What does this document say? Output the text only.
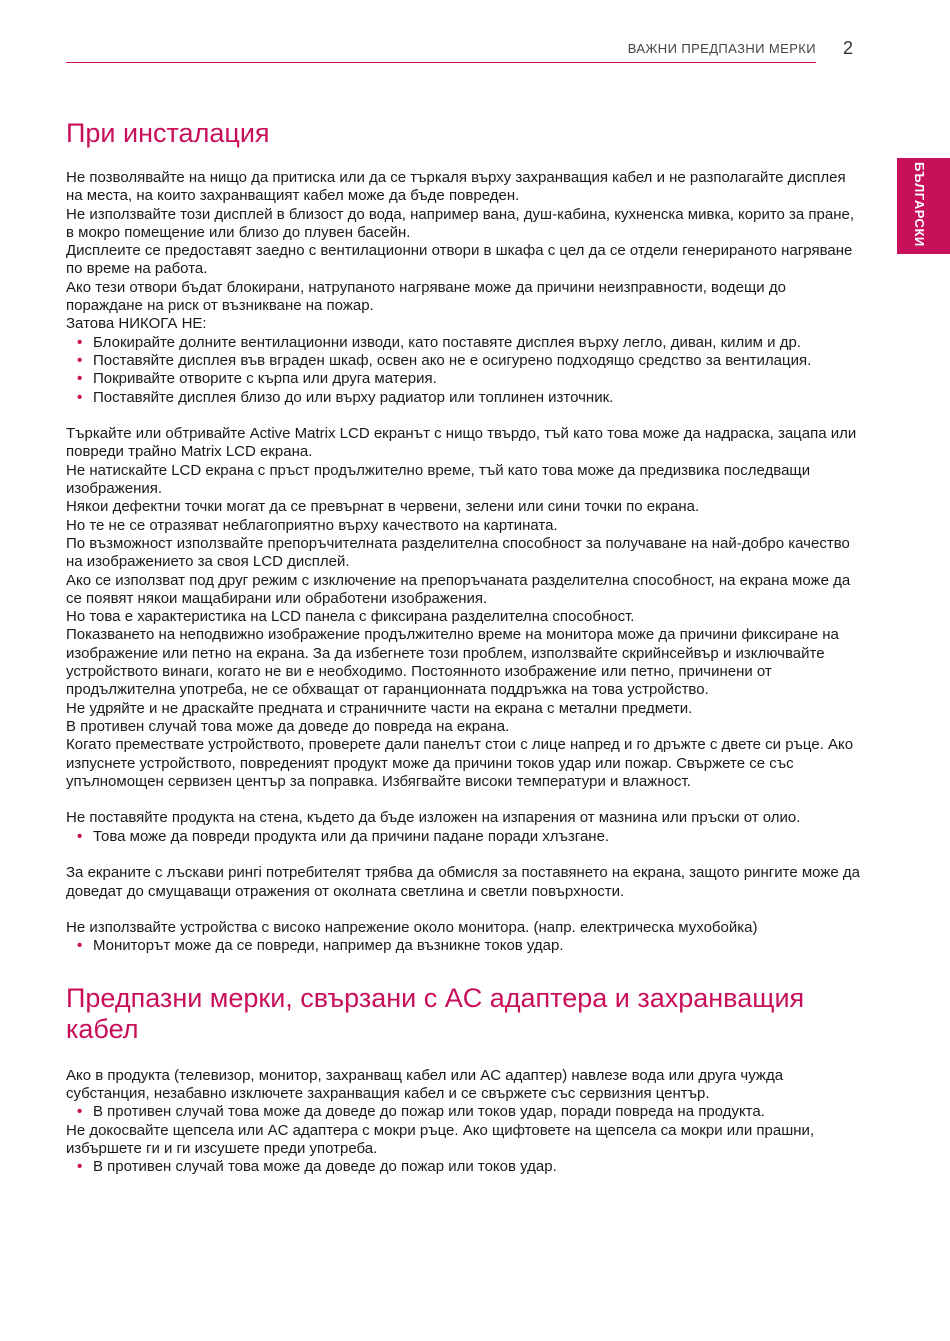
ВАЖНИ ПРЕДПАЗНИ МЕРКИ 2
БЪЛГАРСКИ
При инсталация

Не позволявайте на нищо да притиска или да се търкаля върху захранващия кабел и не разполагайте дисплея на места, на които захранващият кабел може да бъде повреден.

Не използвайте този дисплей в близост до вода, например вана, душ-кабина, кухненска мивка, корито за пране, в мокро помещение или близо до плувен басейн.

Дисплеите се предоставят заедно с вентилационни отвори в шкафа с цел да се отдели генерираното нагряване по време на работа.

Ако тези отвори бъдат блокирани, натрупаното нагряване може да причини неизправности, водещи до пораждане на риск от възникване на пожар.

Затова НИКОГА НЕ:

• Блокирайте долните вентилационни изводи, като поставяте дисплея върху легло, диван, килим и др.
• Поставяйте дисплея във вграден шкаф, освен ако не е осигурено подходящо средство за вентилация.
• Покривайте отворите с кърпа или друга материя.
• Поставяйте дисплея близо до или върху радиатор или топлинен източник.

Търкайте или обтривайте Active Matrix LCD екранът с нищо твърдо, тъй като това може да надраска, зацапа или повреди трайно Matrix LCD екрана.

Не натискайте LCD екрана с пръст продължително време, тъй като това може да предизвика последващи изображения.

Някои дефектни точки могат да се превърнат в червени, зелени или сини точки по екрана.

Но те не се отразяват неблагоприятно върху качеството на картината.

По възможност използвайте препоръчителната разделителна способност за получаване на най-добро качество на изображението за своя LCD дисплей.

Ако се използват под друг режим с изключение на препоръчаната разделителна способност, на екрана може да се появят някои мащабирани или обработени изображения.

Но това е характеристика на LCD панела с фиксирана разделителна способност.

Показването на неподвижно изображение продължително време на монитора може да причини фиксиране на изображение или петно на екрана. За да избегнете този проблем, използвайте скрийнсейвър и изключвайте устройството винаги, когато не ви е необходимо. Постоянното изображение или петно, причинени от продължителна употреба, не се обхващат от гаранционната поддръжка на това устройство.

Не удряйте и не драскайте предната и страничните части на екрана с метални предмети.

В противен случай това може да доведе до повреда на екрана.

Когато премествате устройството, проверете дали панелът стои с лице напред и го дръжте с двете си ръце. Ако изпуснете устройството, повреденият продукт може да причини токов удар или пожар. Свържете се със упълномощен сервизен център за поправка. Избягвайте високи температури и влажност.

Не поставяйте продукта на стена, където да бъде изложен на изпарения от мазнина или пръски от олио.

• Това може да повреди продукта или да причини падане поради хлъзгане.

За екраните с лъскави рингi потребителят трябва да обмисля за поставянето на екрана, защото рингите може да доведат до смущаващи отражения от околната светлина и светли повърхности.

Не използвайте устройства с високо напрежение около монитора. (напр. електрическа мухобойка)

• Мониторът може да се повреди, например да възникне токов удар.
Предпазни мерки, свързани с AC адаптера и захранващия кабел

Ако в продукта (телевизор, монитор, захранващ кабел или AC адаптер) навлезе вода или друга чужда субстанция, незабавно изключете захранващия кабел и се свържете със сервизния център.

• В противен случай това може да доведе до пожар или токов удар, поради повреда на продукта.

Не докосвайте щепсела или AC адаптера с мокри ръце. Ако щифтовете на щепсела са мокри или прашни, избършете ги и ги изсушете преди употреба.

• В противен случай това може да доведе до пожар или токов удар.
